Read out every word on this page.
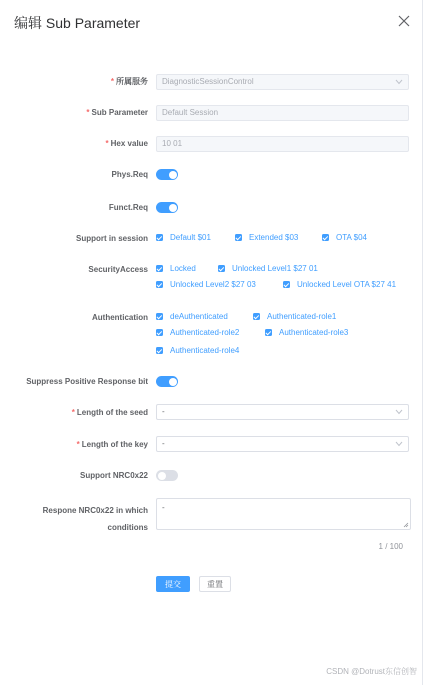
编辑 Sub Parameter
* 所属服务	DiagnosticSessionControl
* Sub Parameter	Default Session
* Hex value	10 01
Phys.Req
Funct.Req
Support in session	Default $01	Extended $03	OTA $04
SecurityAccess	Locked	Unlocked Level1 $27 01
Unlocked Level2 $27 03	Unlocked Level OTA $27 41
Authentication	deAuthenticated	Authenticated-role1
Authenticated-role2	Authenticated-role3
Authenticated-role4
Suppress Positive Response bit
* Length of the seed	-
* Length of the key	-
Support NRC0x22
Respone NRC0x22 in which
conditions
-
1 / 100
提交	重置
CSDN @Dotrust东信创智
